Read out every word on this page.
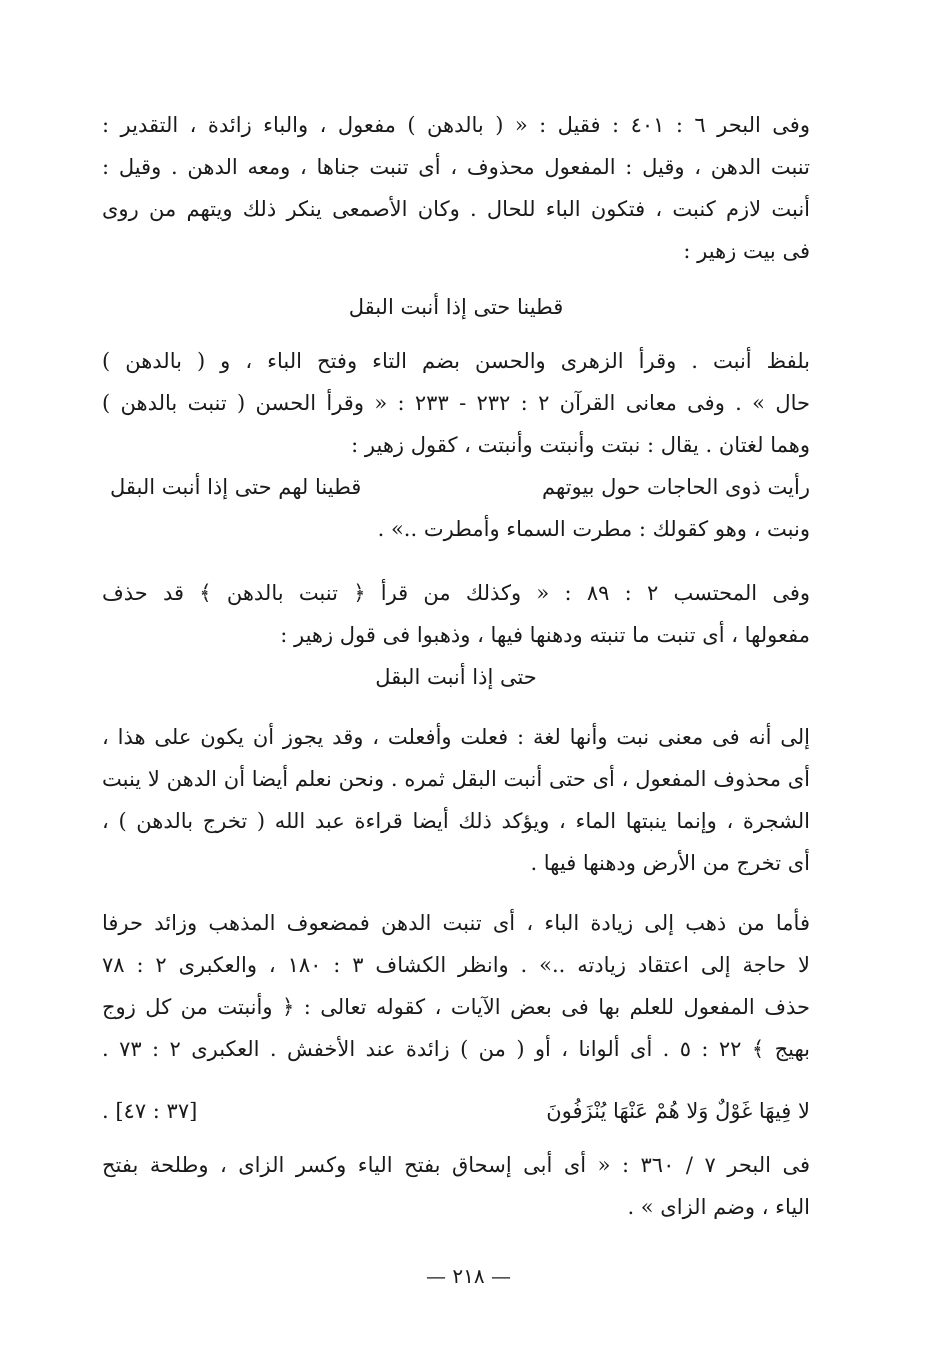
وفى البحر ٦ : ٤٠١ : فقيل : « ( بالدهن ) مفعول ، والباء زائدة ، التقدير :
تنبت الدهن ، وقيل : المفعول محذوف ، أى تنبت جناها ، ومعه الدهن . وقيل :
أنبت لازم كنبت ، فتكون الباء للحال . وكان الأصمعى ينكر ذلك ويتهم من روى
فى بيت زهير :
قطينا حتى إذا أنبت البقل
بلفظ أنبت . وقرأ الزهرى والحسن بضم التاء وفتح الباء ، و ( بالدهن )
حال » . وفى معانى القرآن ٢ : ٢٣٢ - ٢٣٣ : « وقرأ الحسن ( تنبت بالدهن )
وهما لغتان . يقال : نبتت وأنبتت وأنبتت ، كقول زهير :
رأيت ذوى الحاجات حول بيوتهم
قطينا لهم حتى إذا أنبت البقل
ونبت ، وهو كقولك : مطرت السماء وأمطرت ..» .
وفى المحتسب ٢ : ٨٩ : « وكذلك من قرأ ﴿ تنبت بالدهن ﴾ قد حذف
مفعولها ، أى تنبت ما تنبته ودهنها فيها ، وذهبوا فى قول زهير :
حتى إذا أنبت البقل
إلى أنه فى معنى نبت وأنها لغة : فعلت وأفعلت ، وقد يجوز أن يكون على هذا ،
أى محذوف المفعول ، أى حتى أنبت البقل ثمره . ونحن نعلم أيضا أن الدهن لا ينبت
الشجرة ، وإنما ينبتها الماء ، ويؤكد ذلك أيضا قراءة عبد الله ( تخرج بالدهن ) ،
أى تخرج من الأرض ودهنها فيها .
فأما من ذهب إلى زيادة الباء ، أى تنبت الدهن فمضعوف المذهب وزائد حرفا
لا حاجة إلى اعتقاد زيادته ..» . وانظر الكشاف ٣ : ١٨٠ ، والعكبرى ٢ : ٧٨
حذف المفعول للعلم بها فى بعض الآيات ، كقوله تعالى : ﴿ وأنبتت من كل زوج
بهيج ﴾ ٢٢ : ٥ . أى ألوانا ، أو ( من ) زائدة عند الأخفش . العكبرى ٢ : ٧٣ .
لا فِيهَا غَوْلٌ وَلا هُمْ عَنْهَا يُنْزَفُونَ
[٣٧ : ٤٧] .
فى البحر ٧ / ٣٦٠ : « أى أبى إسحاق بفتح الياء وكسر الزاى ، وطلحة بفتح
الياء ، وضم الزاى » .
— ٢١٨ —
